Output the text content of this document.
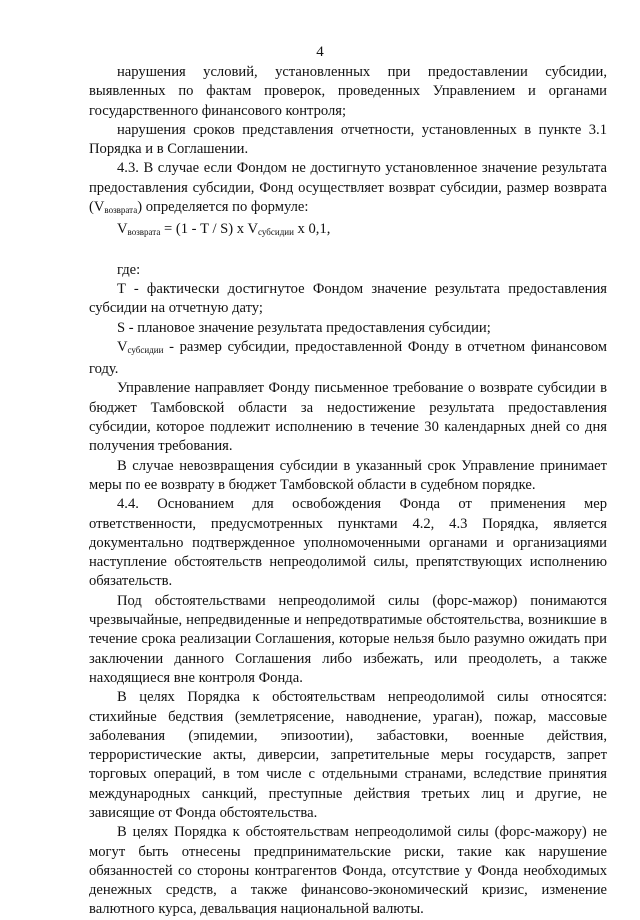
4

нарушения условий, установленных при предоставлении субсидии, выявленных по фактам проверок, проведенных Управлением и органами государственного финансового контроля;

нарушения сроков представления отчетности, установленных в пункте 3.1 Порядка и в Соглашении.

4.3. В случае если Фондом не достигнуто установленное значение результата предоставления субсидии, Фонд осуществляет возврат субсидии, размер возврата $(V_{возврата})$ определяется по формуле:

$V_{возврата} = (1 - T / S)$ x $V_{субсидии}$ x 0,1,

где:

T - фактически достигнутое Фондом значение результата предоставления субсидии на отчетную дату;

S - плановое значение результата предоставления субсидии;

$V_{субсидии}$ - размер субсидии, предоставленной Фонду в отчетном финансовом году.

Управление направляет Фонду письменное требование о возврате субсидии в бюджет Тамбовской области за недостижение результата предоставления субсидии, которое подлежит исполнению в течение 30 календарных дней со дня получения требования.

В случае невозвращения субсидии в указанный срок Управление принимает меры по ее возврату в бюджет Тамбовской области в судебном порядке.

4.4. Основанием для освобождения Фонда от применения мер ответственности, предусмотренных пунктами 4.2, 4.3 Порядка, является документально подтвержденное уполномоченными органами и организациями наступление обстоятельств непреодолимой силы, препятствующих исполнению обязательств.

Под обстоятельствами непреодолимой силы (форс-мажор) понимаются чрезвычайные, непредвиденные и непредотвратимые обстоятельства, возникшие в течение срока реализации Соглашения, которые нельзя было разумно ожидать при заключении данного Соглашения либо избежать, или преодолеть, а также находящиеся вне контроля Фонда.

В целях Порядка к обстоятельствам непреодолимой силы относятся: стихийные бедствия (землетрясение, наводнение, ураган), пожар, массовые заболевания (эпидемии, эпизоотии), забастовки, военные действия, террористические акты, диверсии, запретительные меры государств, запрет торговых операций, в том числе с отдельными странами, вследствие принятия международных санкций, преступные действия третьих лиц и другие, не зависящие от Фонда обстоятельства.

В целях Порядка к обстоятельствам непреодолимой силы (форс-мажору) не могут быть отнесены предпринимательские риски, такие как нарушение обязанностей со стороны контрагентов Фонда, отсутствие у Фонда необходимых денежных средств, а также финансово-экономический кризис, изменение валютного курса, девальвация национальной валюты.
